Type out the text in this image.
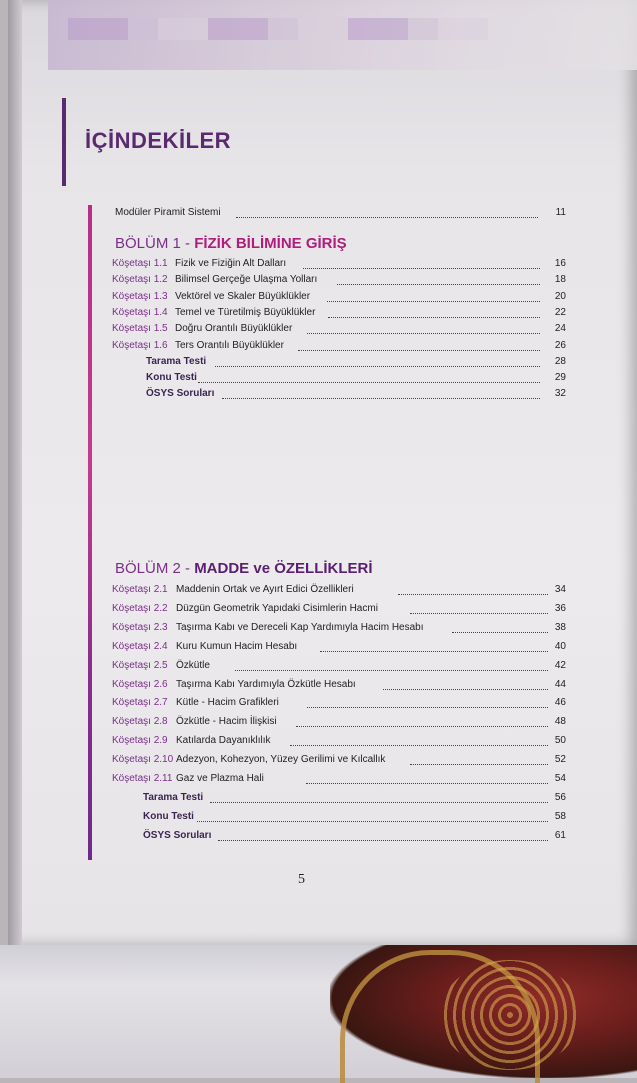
İÇİNDEKİLER
Modüler Piramit Sistemi	11
BÖLÜM 1 - FİZİK BİLİMİNE GİRİŞ
Köşetaşı 1.1 Fizik ve Fiziğin Alt Dalları	16
Köşetaşı 1.2 Bilimsel Gerçeğe Ulaşma Yolları	18
Köşetaşı 1.3 Vektörel ve Skaler Büyüklükler	20
Köşetaşı 1.4 Temel ve Türetilmiş Büyüklükler	22
Köşetaşı 1.5 Doğru Orantılı Büyüklükler	24
Köşetaşı 1.6 Ters Orantılı Büyüklükler	26
Tarama Testi	28
Konu Testi	29
ÖSYS Soruları	32
BÖLÜM 2 - MADDE ve ÖZELLİKLERİ
Köşetaşı 2.1 Maddenin Ortak ve Ayırt Edici Özellikleri	34
Köşetaşı 2.2 Düzgün Geometrik Yapıdaki Cisimlerin Hacmi	36
Köşetaşı 2.3 Taşırma Kabı ve Dereceli Kap Yardımıyla Hacim Hesabı	38
Köşetaşı 2.4 Kuru Kumun Hacim Hesabı	40
Köşetaşı 2.5 Özkütle	42
Köşetaşı 2.6 Taşırma Kabı Yardımıyla Özkütle Hesabı	44
Köşetaşı 2.7 Kütle - Hacim Grafikleri	46
Köşetaşı 2.8 Özkütle - Hacim İlişkisi	48
Köşetaşı 2.9 Katılarda Dayanıklılık	50
Köşetaşı 2.10 Adezyon, Kohezyon, Yüzey Gerilimi ve Kılcallık	52
Köşetaşı 2.11 Gaz ve Plazma Hali	54
Tarama Testi	56
Konu Testi	58
ÖSYS Soruları	61
5
